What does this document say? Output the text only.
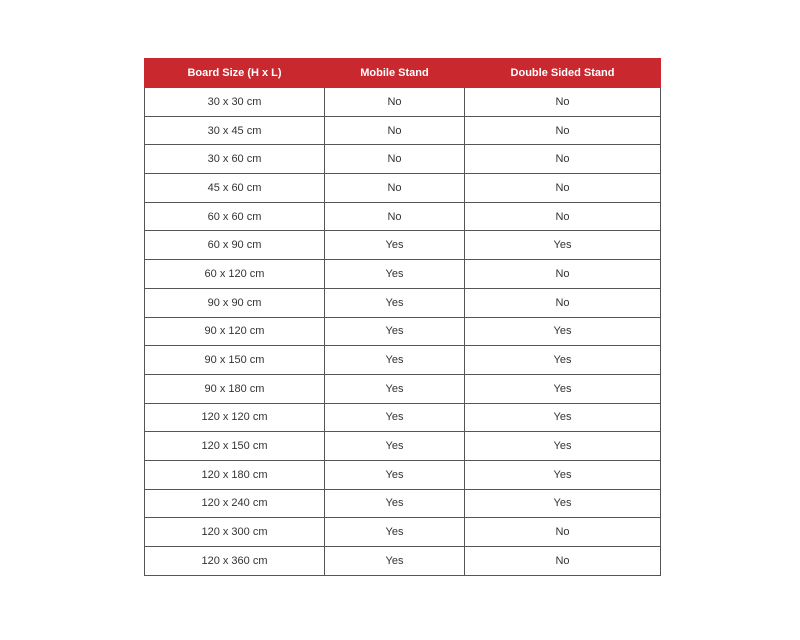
Board Size (H x L)	Mobile Stand	Double Sided Stand
30 x 30 cm	No	No
30 x 45 cm	No	No
30 x 60 cm	No	No
45 x 60 cm	No	No
60 x 60 cm	No	No
60 x 90 cm	Yes	Yes
60 x 120 cm	Yes	No
90 x 90 cm	Yes	No
90 x 120 cm	Yes	Yes
90 x 150 cm	Yes	Yes
90 x 180 cm	Yes	Yes
120 x 120 cm	Yes	Yes
120 x 150 cm	Yes	Yes
120 x 180 cm	Yes	Yes
120 x 240 cm	Yes	Yes
120 x 300 cm	Yes	No
120 x 360 cm	Yes	No
